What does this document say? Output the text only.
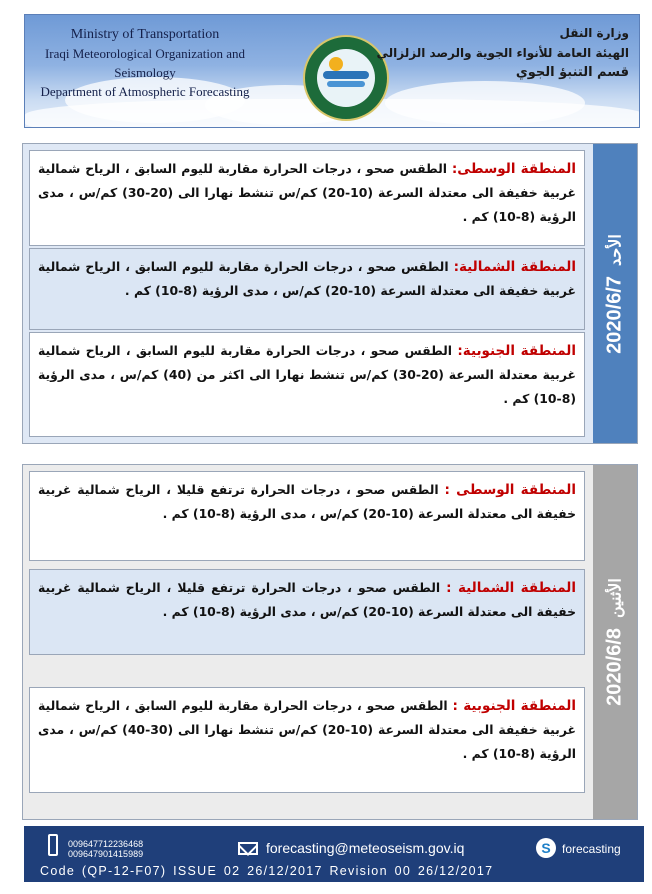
Ministry of Transportation
Iraqi Meteorological Organization and Seismology
Department of Atmospheric Forecasting
وزارة النقل
الهيئة العامة للأنواء الجوية والرصد الزلزالي
قسم التنبؤ الجوي
المنطقة الوسطى: الطقس صحو ، درجات الحرارة مقاربة لليوم السابق ، الرياح شمالية غربية خفيفة الى معتدلة السرعة (10-20) كم/س تنشط نهارا الى (20-30) كم/س ، مدى الرؤية (8-10) كم .
المنطقة الشمالية: الطقس صحو ، درجات الحرارة مقاربة لليوم السابق ، الرياح شمالية غربية خفيفة الى معتدلة السرعة (10-20) كم/س ، مدى الرؤية (8-10) كم .
المنطقة الجنوبية: الطقس صحو ، درجات الحرارة مقاربة لليوم السابق ، الرياح شمالية غربية معتدلة السرعة (20-30) كم/س تنشط نهارا الى اكثر من (40) كم/س ، مدى الرؤية (8-10) كم .
2020/6/7الأحد
المنطقة الوسطى : الطقس صحو ، درجات الحرارة ترتفع قليلا ، الرياح شمالية غربية خفيفة الى معتدلة السرعة (10-20) كم/س ، مدى الرؤية (8-10) كم .
المنطقة الشمالية : الطقس صحو ، درجات الحرارة ترتفع قليلا ، الرياح شمالية غربية خفيفة الى معتدلة السرعة (10-20) كم/س ، مدى الرؤية (8-10) كم .
المنطقة الجنوبية : الطقس صحو ، درجات الحرارة مقاربة لليوم السابق ، الرياح شمالية غربية خفيفة الى معتدلة السرعة (10-20) كم/س تنشط نهارا الى (30-40) كم/س ، مدى الرؤية (8-10) كم .
2020/6/8الأثنين
009647712236468
009647901415989	forecasting@meteoseism.gov.iq	S forecasting
Code (QP-12-F07) ISSUE 02 26/12/2017 Revision 00 26/12/2017
